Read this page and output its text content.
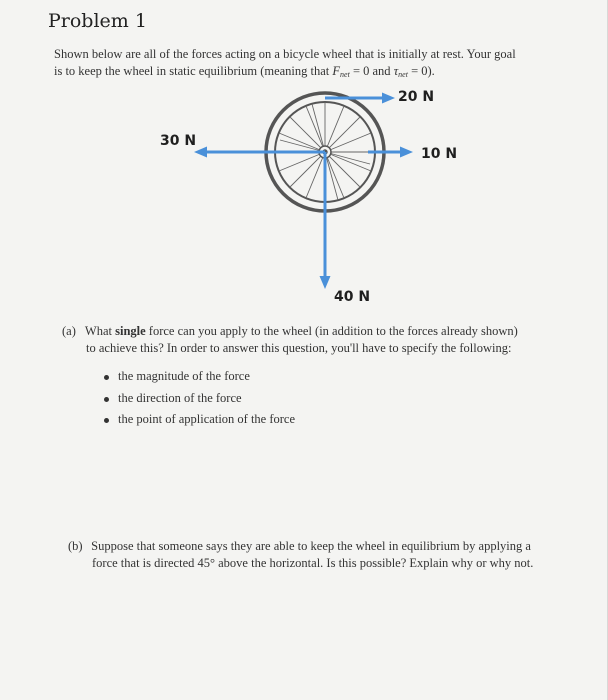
Problem 1
Shown below are all of the forces acting on a bicycle wheel that is initially at rest. Your goal
is to keep the wheel in static equilibrium (meaning that $F_{net} = 0$ and $\tau_{net} = 0$).
20 N
30 N
10 N
40 N
(a) What single force can you apply to the wheel (in addition to the forces already shown)
to achieve this? In order to answer this question, you'll have to specify the following:
the magnitude of the force
the direction of the force
the point of application of the force
(b) Suppose that someone says they are able to keep the wheel in equilibrium by applying a
force that is directed 45° above the horizontal. Is this possible? Explain why or why not.
